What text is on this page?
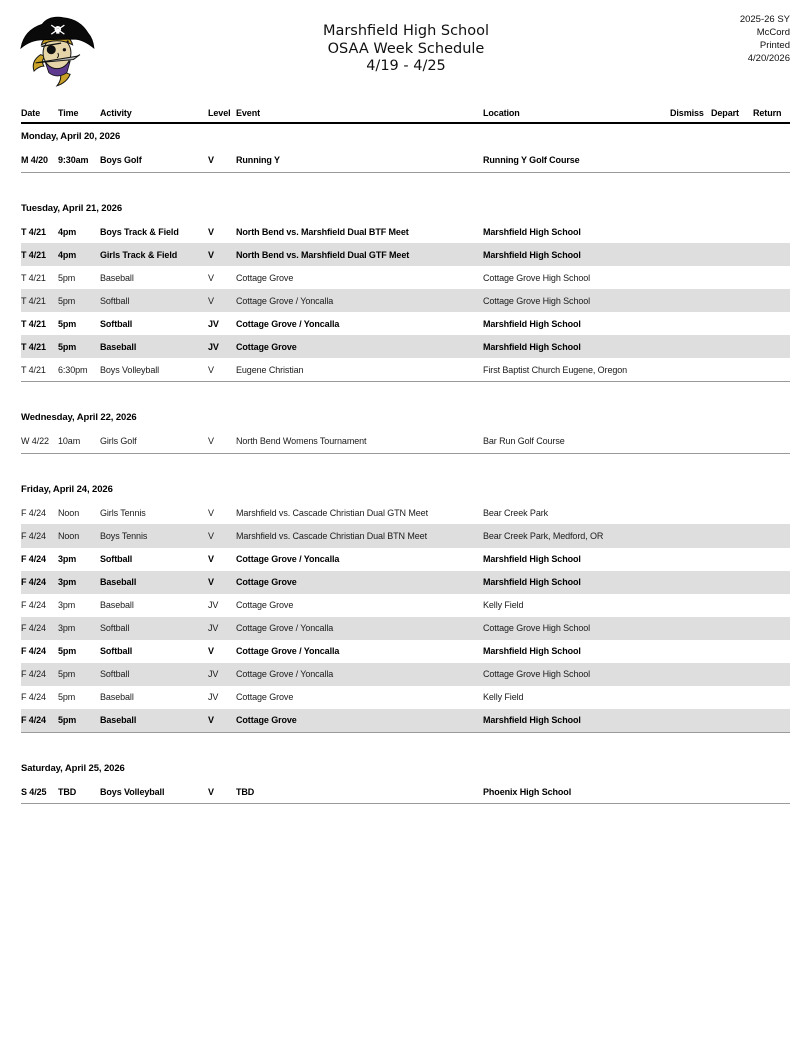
Marshfield High School
OSAA Week Schedule
4/19 - 4/25
2025-26 SY
McCord
Printed
4/20/2026
Date	Time	Activity	Level Event	Location	Dismiss Depart	Return
Monday, April 20, 2026
M 4/20	9:30am	Boys Golf	V	Running Y	Running Y Golf Course
Tuesday, April 21, 2026
T 4/21	4pm	Boys Track & Field	V	North Bend vs. Marshfield Dual BTF Meet	Marshfield High School
T 4/21	4pm	Girls Track & Field	V	North Bend vs. Marshfield Dual GTF Meet	Marshfield High School
T 4/21	5pm	Baseball	V	Cottage Grove	Cottage Grove High School
T 4/21	5pm	Softball	V	Cottage Grove / Yoncalla	Cottage Grove High School
T 4/21	5pm	Softball	JV	Cottage Grove / Yoncalla	Marshfield High School
T 4/21	5pm	Baseball	JV	Cottage Grove	Marshfield High School
T 4/21	6:30pm	Boys Volleyball	V	Eugene Christian	First Baptist Church Eugene, Oregon
Wednesday, April 22, 2026
W 4/22	10am	Girls Golf	V	North Bend Womens Tournament	Bar Run Golf Course
Friday, April 24, 2026
F 4/24	Noon	Girls Tennis	V	Marshfield vs. Cascade Christian Dual GTN Meet	Bear Creek Park
F 4/24	Noon	Boys Tennis	V	Marshfield vs. Cascade Christian Dual BTN Meet	Bear Creek Park, Medford, OR
F 4/24	3pm	Softball	V	Cottage Grove / Yoncalla	Marshfield High School
F 4/24	3pm	Baseball	V	Cottage Grove	Marshfield High School
F 4/24	3pm	Baseball	JV	Cottage Grove	Kelly Field
F 4/24	3pm	Softball	JV	Cottage Grove / Yoncalla	Cottage Grove High School
F 4/24	5pm	Softball	V	Cottage Grove / Yoncalla	Marshfield High School
F 4/24	5pm	Softball	JV	Cottage Grove / Yoncalla	Cottage Grove High School
F 4/24	5pm	Baseball	JV	Cottage Grove	Kelly Field
F 4/24	5pm	Baseball	V	Cottage Grove	Marshfield High School
Saturday, April 25, 2026
S 4/25	TBD	Boys Volleyball	V	TBD	Phoenix High School
